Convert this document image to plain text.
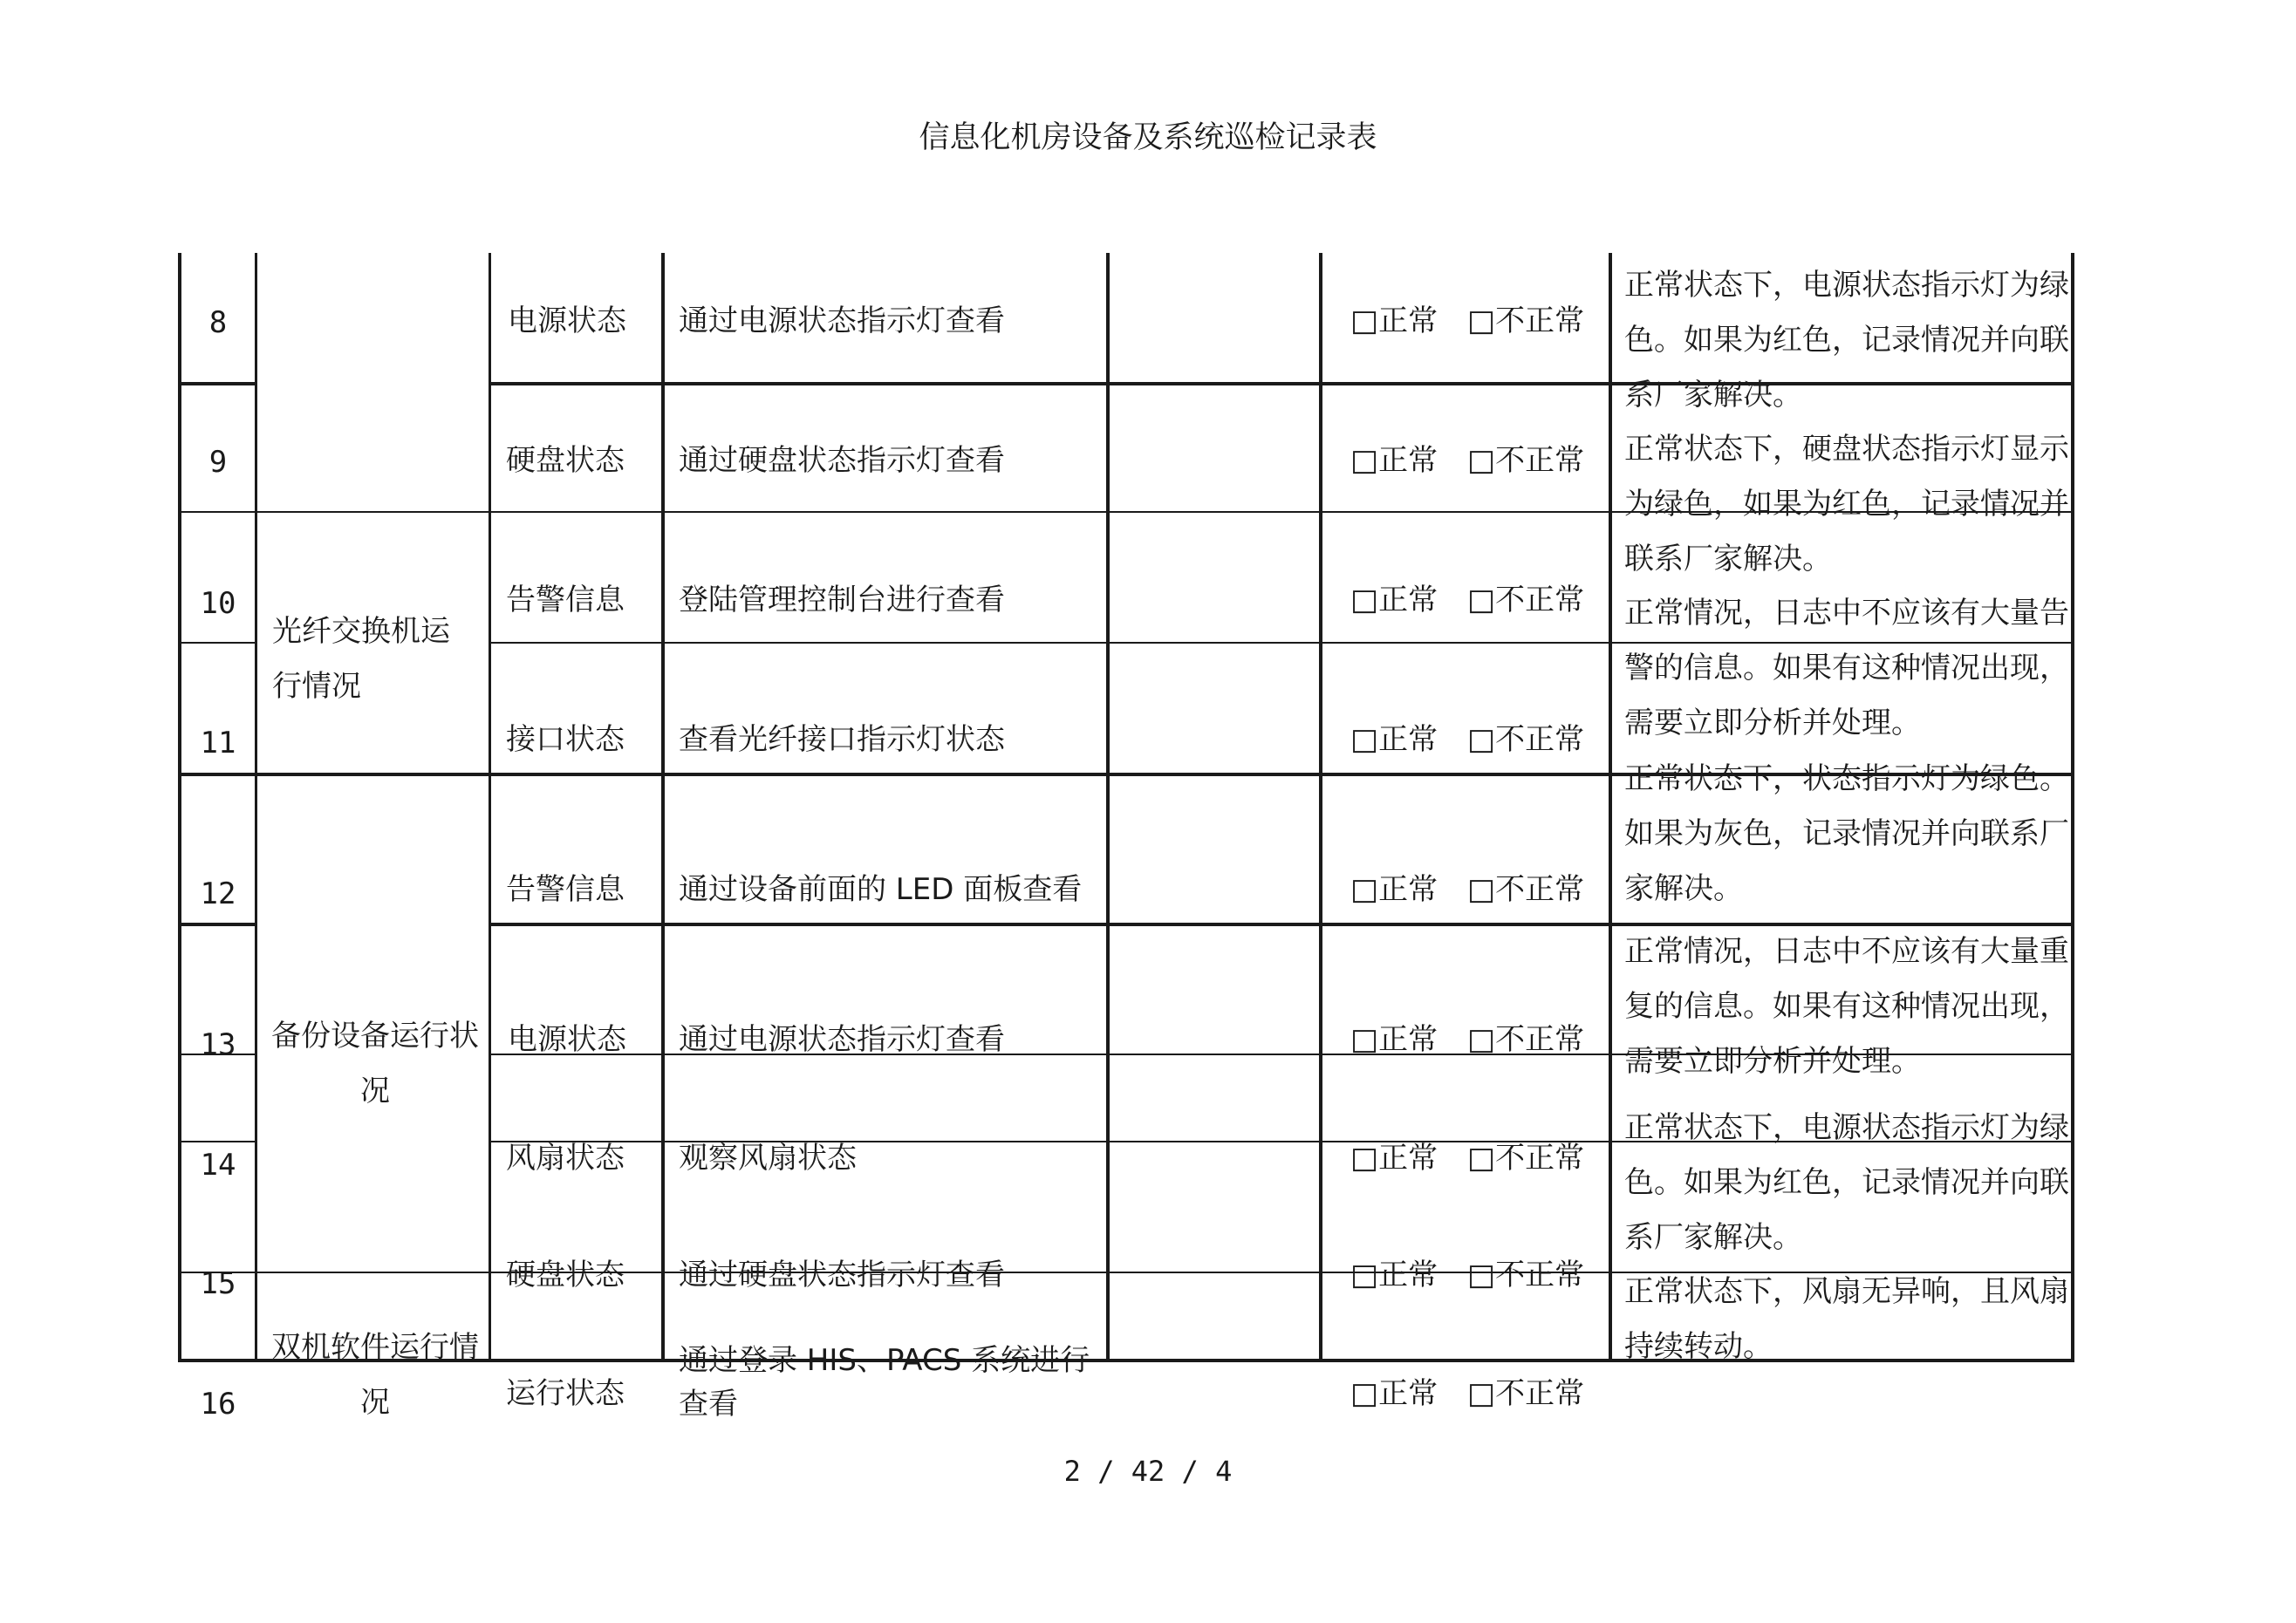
信息化机房设备及系统巡检记录表
8
9
10
11
12
13
14
15
16
光纤交换机运行情况
备份设备运行状况
双机软件运行情况
电源状态
硬盘状态
告警信息
接口状态
告警信息
电源状态
风扇状态
硬盘状态
运行状态
通过电源状态指示灯查看
通过硬盘状态指示灯查看
登陆管理控制台进行查看
查看光纤接口指示灯状态
通过设备前面的 LED 面板查看
通过电源状态指示灯查看
观察风扇状态
通过硬盘状态指示灯查看
通过登录 HIS、PACS 系统进行查看
□正常 □不正常
□正常 □不正常
□正常 □不正常
□正常 □不正常
□正常 □不正常
□正常 □不正常
□正常 □不正常
□正常 □不正常
□正常 □不正常
正常状态下，电源状态指示灯为绿色。如果为红色，记录情况并向联系厂家解决。
正常状态下，硬盘状态指示灯显示为绿色，如果为红色，记录情况并联系厂家解决。
正常情况，日志中不应该有大量告警的信息。如果有这种情况出现，需要立即分析并处理。
正常状态下，状态指示灯为绿色。如果为灰色，记录情况并向联系厂家解决。
正常情况，日志中不应该有大量重复的信息。如果有这种情况出现，需要立即分析并处理。
正常状态下，电源状态指示灯为绿色。如果为红色，记录情况并向联系厂家解决。
正常状态下，风扇无异响，且风扇持续转动。
2 / 42 / 4
